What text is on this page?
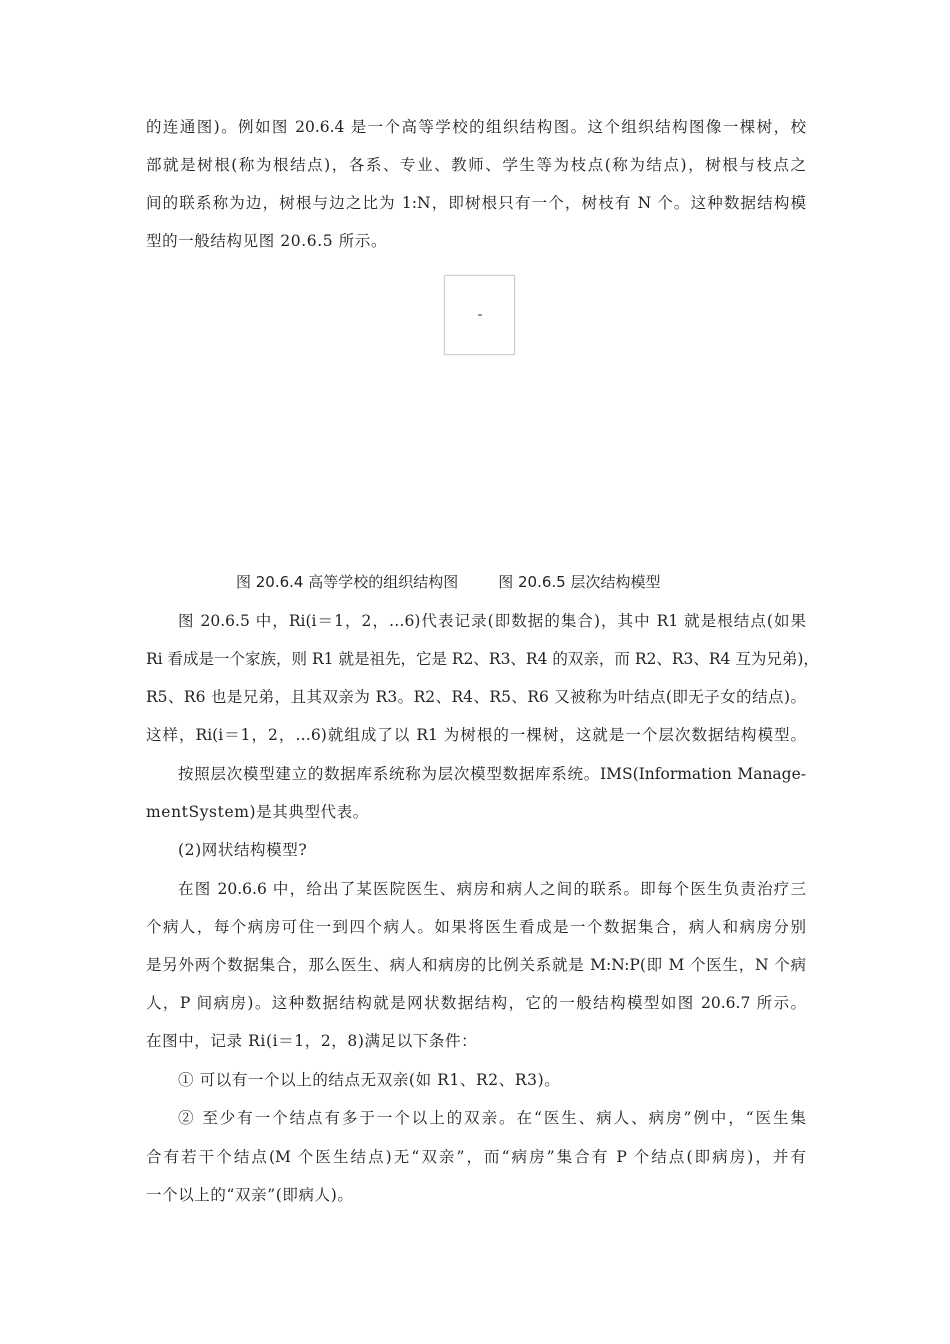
的连通图)。例如图 20.6.4 是一个高等学校的组织结构图。这个组织结构图像一棵树，校
部就是树根(称为根结点)，各系、专业、教师、学生等为枝点(称为结点)，树根与枝点之
间的联系称为边，树根与边之比为 1:N，即树根只有一个，树枝有 N 个。这种数据结构模
型的一般结构见图 20.6.5 所示。
图 20.6.4 高等学校的组织结构图	图 20.6.5 层次结构模型
图 20.6.5 中，Ri(i＝1，2，…6)代表记录(即数据的集合)，其中 R1 就是根结点(如果
Ri 看成是一个家族，则 R1 就是祖先，它是 R2、R3、R4 的双亲，而 R2、R3、R4 互为兄弟)，
R5、R6 也是兄弟，且其双亲为 R3。R2、R4、R5、R6 又被称为叶结点(即无子女的结点)。
这样，Ri(i＝1，2，…6)就组成了以 R1 为树根的一棵树，这就是一个层次数据结构模型。
按照层次模型建立的数据库系统称为层次模型数据库系统。IMS(Information Manage-
mentSystem)是其典型代表。
(2)网状结构模型?
在图 20.6.6 中，给出了某医院医生、病房和病人之间的联系。即每个医生负责治疗三
个病人，每个病房可住一到四个病人。如果将医生看成是一个数据集合，病人和病房分别
是另外两个数据集合，那么医生、病人和病房的比例关系就是 M:N:P(即 M 个医生，N 个病
人，P 间病房)。这种数据结构就是网状数据结构，它的一般结构模型如图 20.6.7 所示。
在图中，记录 Ri(i＝1，2，8)满足以下条件：
① 可以有一个以上的结点无双亲(如 R1、R2、R3)。
② 至少有一个结点有多于一个以上的双亲。在“医生、病人、病房”例中，“医生集
合有若干个结点(M 个医生结点)无“双亲”，而“病房”集合有 P 个结点(即病房)，并有
一个以上的“双亲”(即病人)。
